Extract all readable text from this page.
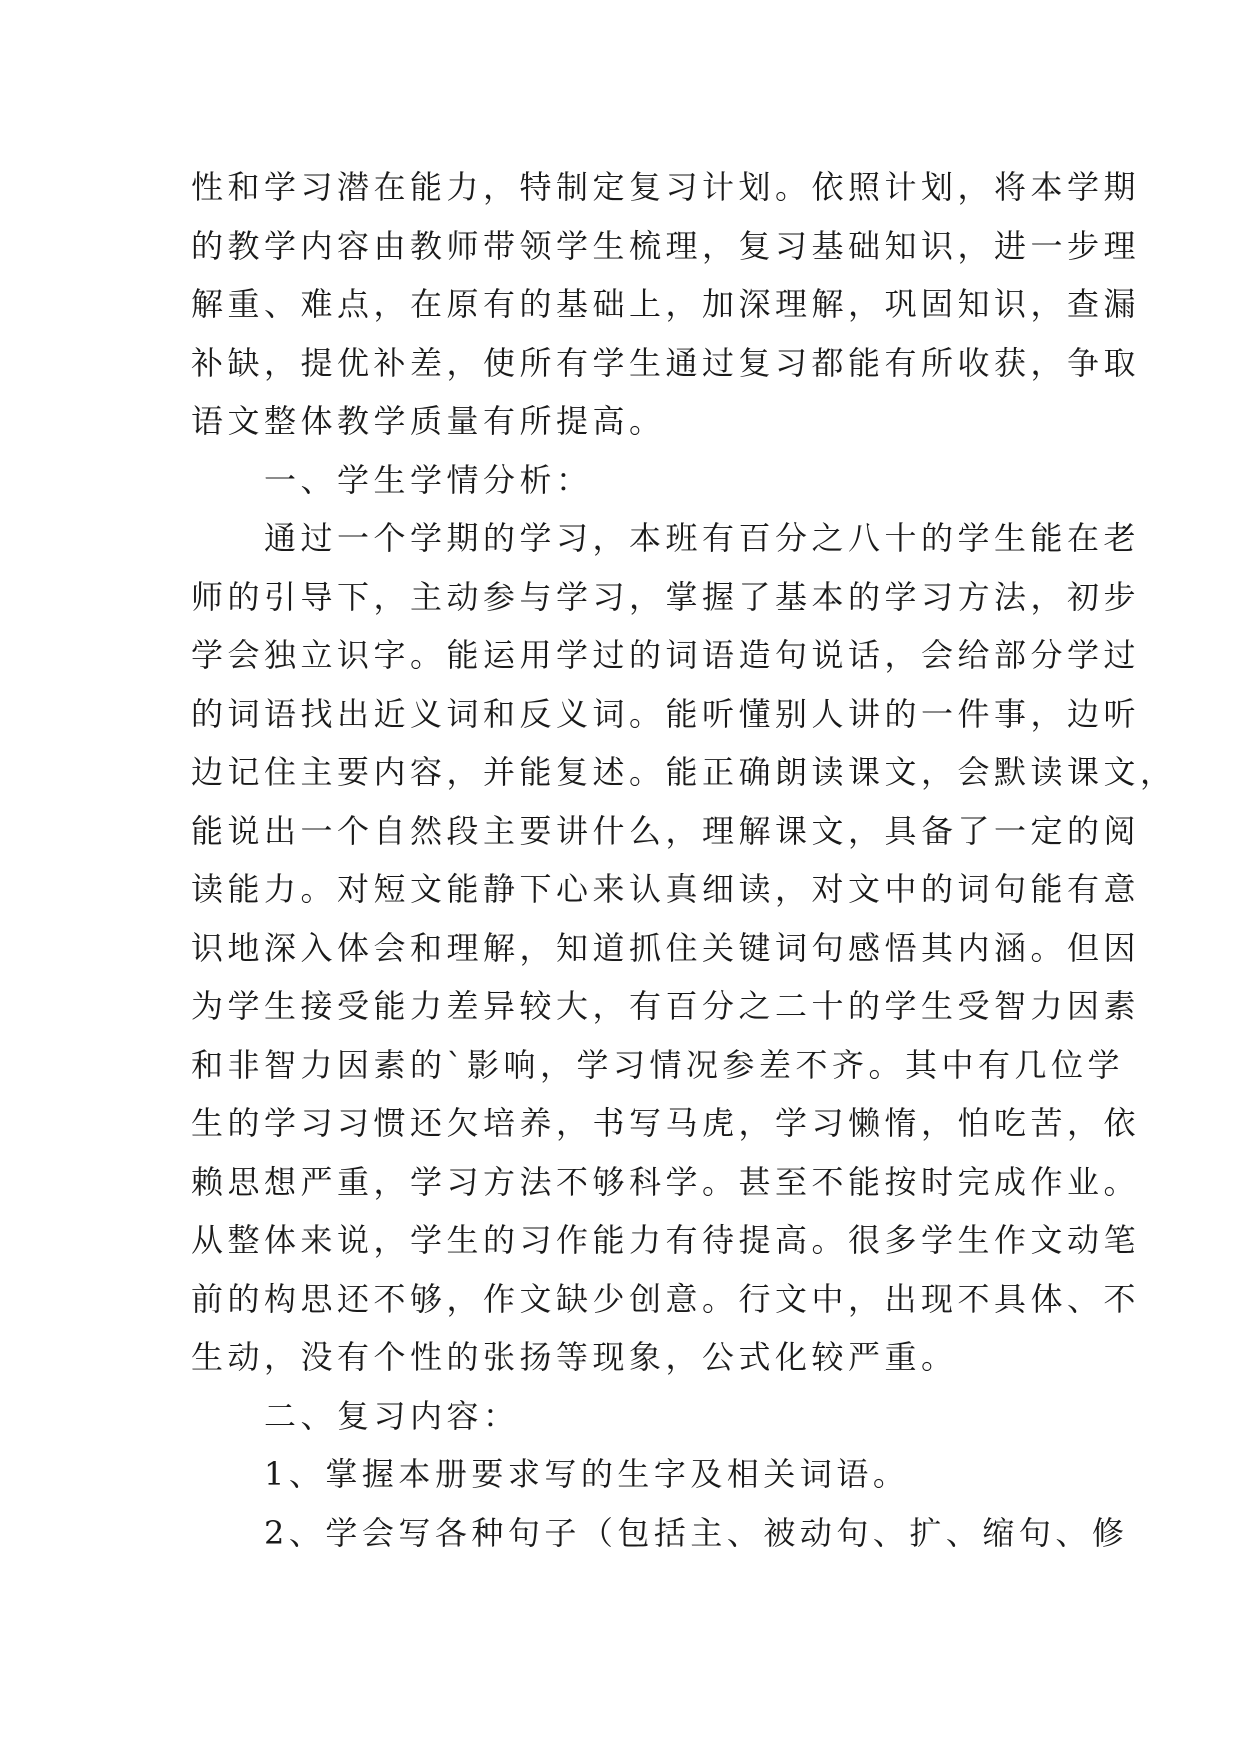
性和学习潜在能力，特制定复习计划。依照计划，将本学期
的教学内容由教师带领学生梳理，复习基础知识，进一步理
解重、难点，在原有的基础上，加深理解，巩固知识，查漏
补缺，提优补差，使所有学生通过复习都能有所收获，争取
语文整体教学质量有所提高。
　　一、学生学情分析：
　　通过一个学期的学习，本班有百分之八十的学生能在老
师的引导下，主动参与学习，掌握了基本的学习方法，初步
学会独立识字。能运用学过的词语造句说话，会给部分学过
的词语找出近义词和反义词。能听懂别人讲的一件事，边听
边记住主要内容，并能复述。能正确朗读课文，会默读课文，
能说出一个自然段主要讲什么，理解课文，具备了一定的阅
读能力。对短文能静下心来认真细读，对文中的词句能有意
识地深入体会和理解，知道抓住关键词句感悟其内涵。但因
为学生接受能力差异较大，有百分之二十的学生受智力因素
和非智力因素的`影响，学习情况参差不齐。其中有几位学
生的学习习惯还欠培养，书写马虎，学习懒惰，怕吃苦，依
赖思想严重，学习方法不够科学。甚至不能按时完成作业。
从整体来说，学生的习作能力有待提高。很多学生作文动笔
前的构思还不够，作文缺少创意。行文中，出现不具体、不
生动，没有个性的张扬等现象，公式化较严重。
　　二、复习内容：
　　1、掌握本册要求写的生字及相关词语。
　　2、学会写各种句子（包括主、被动句、扩、缩句、修
